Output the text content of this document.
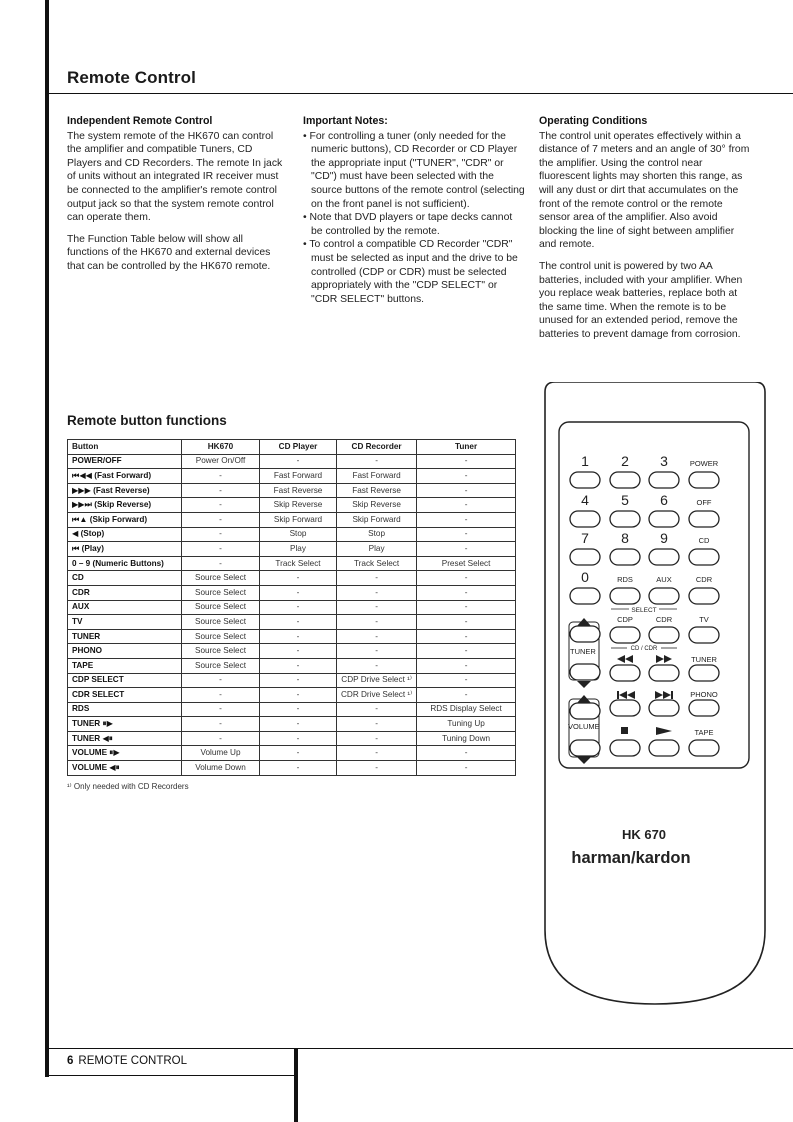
Remote Control
Independent Remote Control

The system remote of the HK670 can control the amplifier and compatible Tuners, CD Players and CD Recorders. The remote In jack of units without an integrated IR receiver must be connected to the amplifier's remote control output jack so that the system remote control can operate them.

The Function Table below will show all functions of the HK670 and external devices that can be controlled by the HK670 remote.

Important Notes:
• For controlling a tuner (only needed for the numeric buttons), CD Recorder or CD Player the appropriate input ("TUNER", "CDR" or "CD") must have been selected with the source buttons of the remote control (selecting on the front panel is not sufficient).
• Note that DVD players or tape decks cannot be controlled by the remote.
• To control a compatible CD Recorder "CDR" must be selected as input and the drive to be controlled (CDP or CDR) must be selected appropriately with the "CDP SELECT" or "CDR SELECT" buttons.
Operating Conditions

The control unit operates effectively within a distance of 7 meters and an angle of 30° from the amplifier. Using the control near fluorescent lights may shorten this range, as will any dust or dirt that accumulates on the front of the remote control or the remote sensor area of the amplifier. Also avoid blocking the line of sight between amplifier and remote.

The control unit is powered by two AA batteries, included with your amplifier. When you replace weak batteries, replace both at the same time. When the remote is to be unused for an extended period, remove the batteries to prevent damage from corrosion.

Remote button functions
Button	HK670	CD Player	CD Recorder	Tuner
POWER/OFF	Power On/Off	-	-	-
⏮◀◀ (Fast Forward)	-	Fast Forward	Fast Forward	-
▶▶▶ (Fast Reverse)	-	Fast Reverse	Fast Reverse	-
▶▶⏭ (Skip Reverse)	-	Skip Reverse	Skip Reverse	-
⏮▲ (Skip Forward)	-	Skip Forward	Skip Forward	-
◀ (Stop)	-	Stop	Stop	-
⏮ (Play)	-	Play	Play	-
0 – 9 (Numeric Buttons)	-	Track Select	Track Select	Preset Select
CD	Source Select	-	-	-
CDR	Source Select	-	-	-
AUX	Source Select	-	-	-
TV	Source Select	-	-	-
TUNER	Source Select	-	-	-
PHONO	Source Select	-	-	-
TAPE	Source Select	-	-	-
CDP SELECT	-	-	CDP Drive Select ¹⁾	-
CDR SELECT	-	-	CDR Drive Select ¹⁾	-
RDS	-	-	-	RDS Display Select
TUNER ⏸▶	-	-	-	Tuning Up
TUNER ◀⏸	-	-	-	Tuning Down
VOLUME ⏸▶	Volume Up	-	-	-
VOLUME ◀⏸	Volume Down	-	-	-
¹⁾ Only needed with CD Recorders
6 REMOTE CONTROL
1 2 3	POWER
4 5 6	OFF
7 8 9	CD
0	RDS	AUX	CDR
SELECT
CDP	CDR	TV
TUNER	CD / CDR
TUNER
VOLUME
PHONO
TAPE
HK 670
harman/kardon
